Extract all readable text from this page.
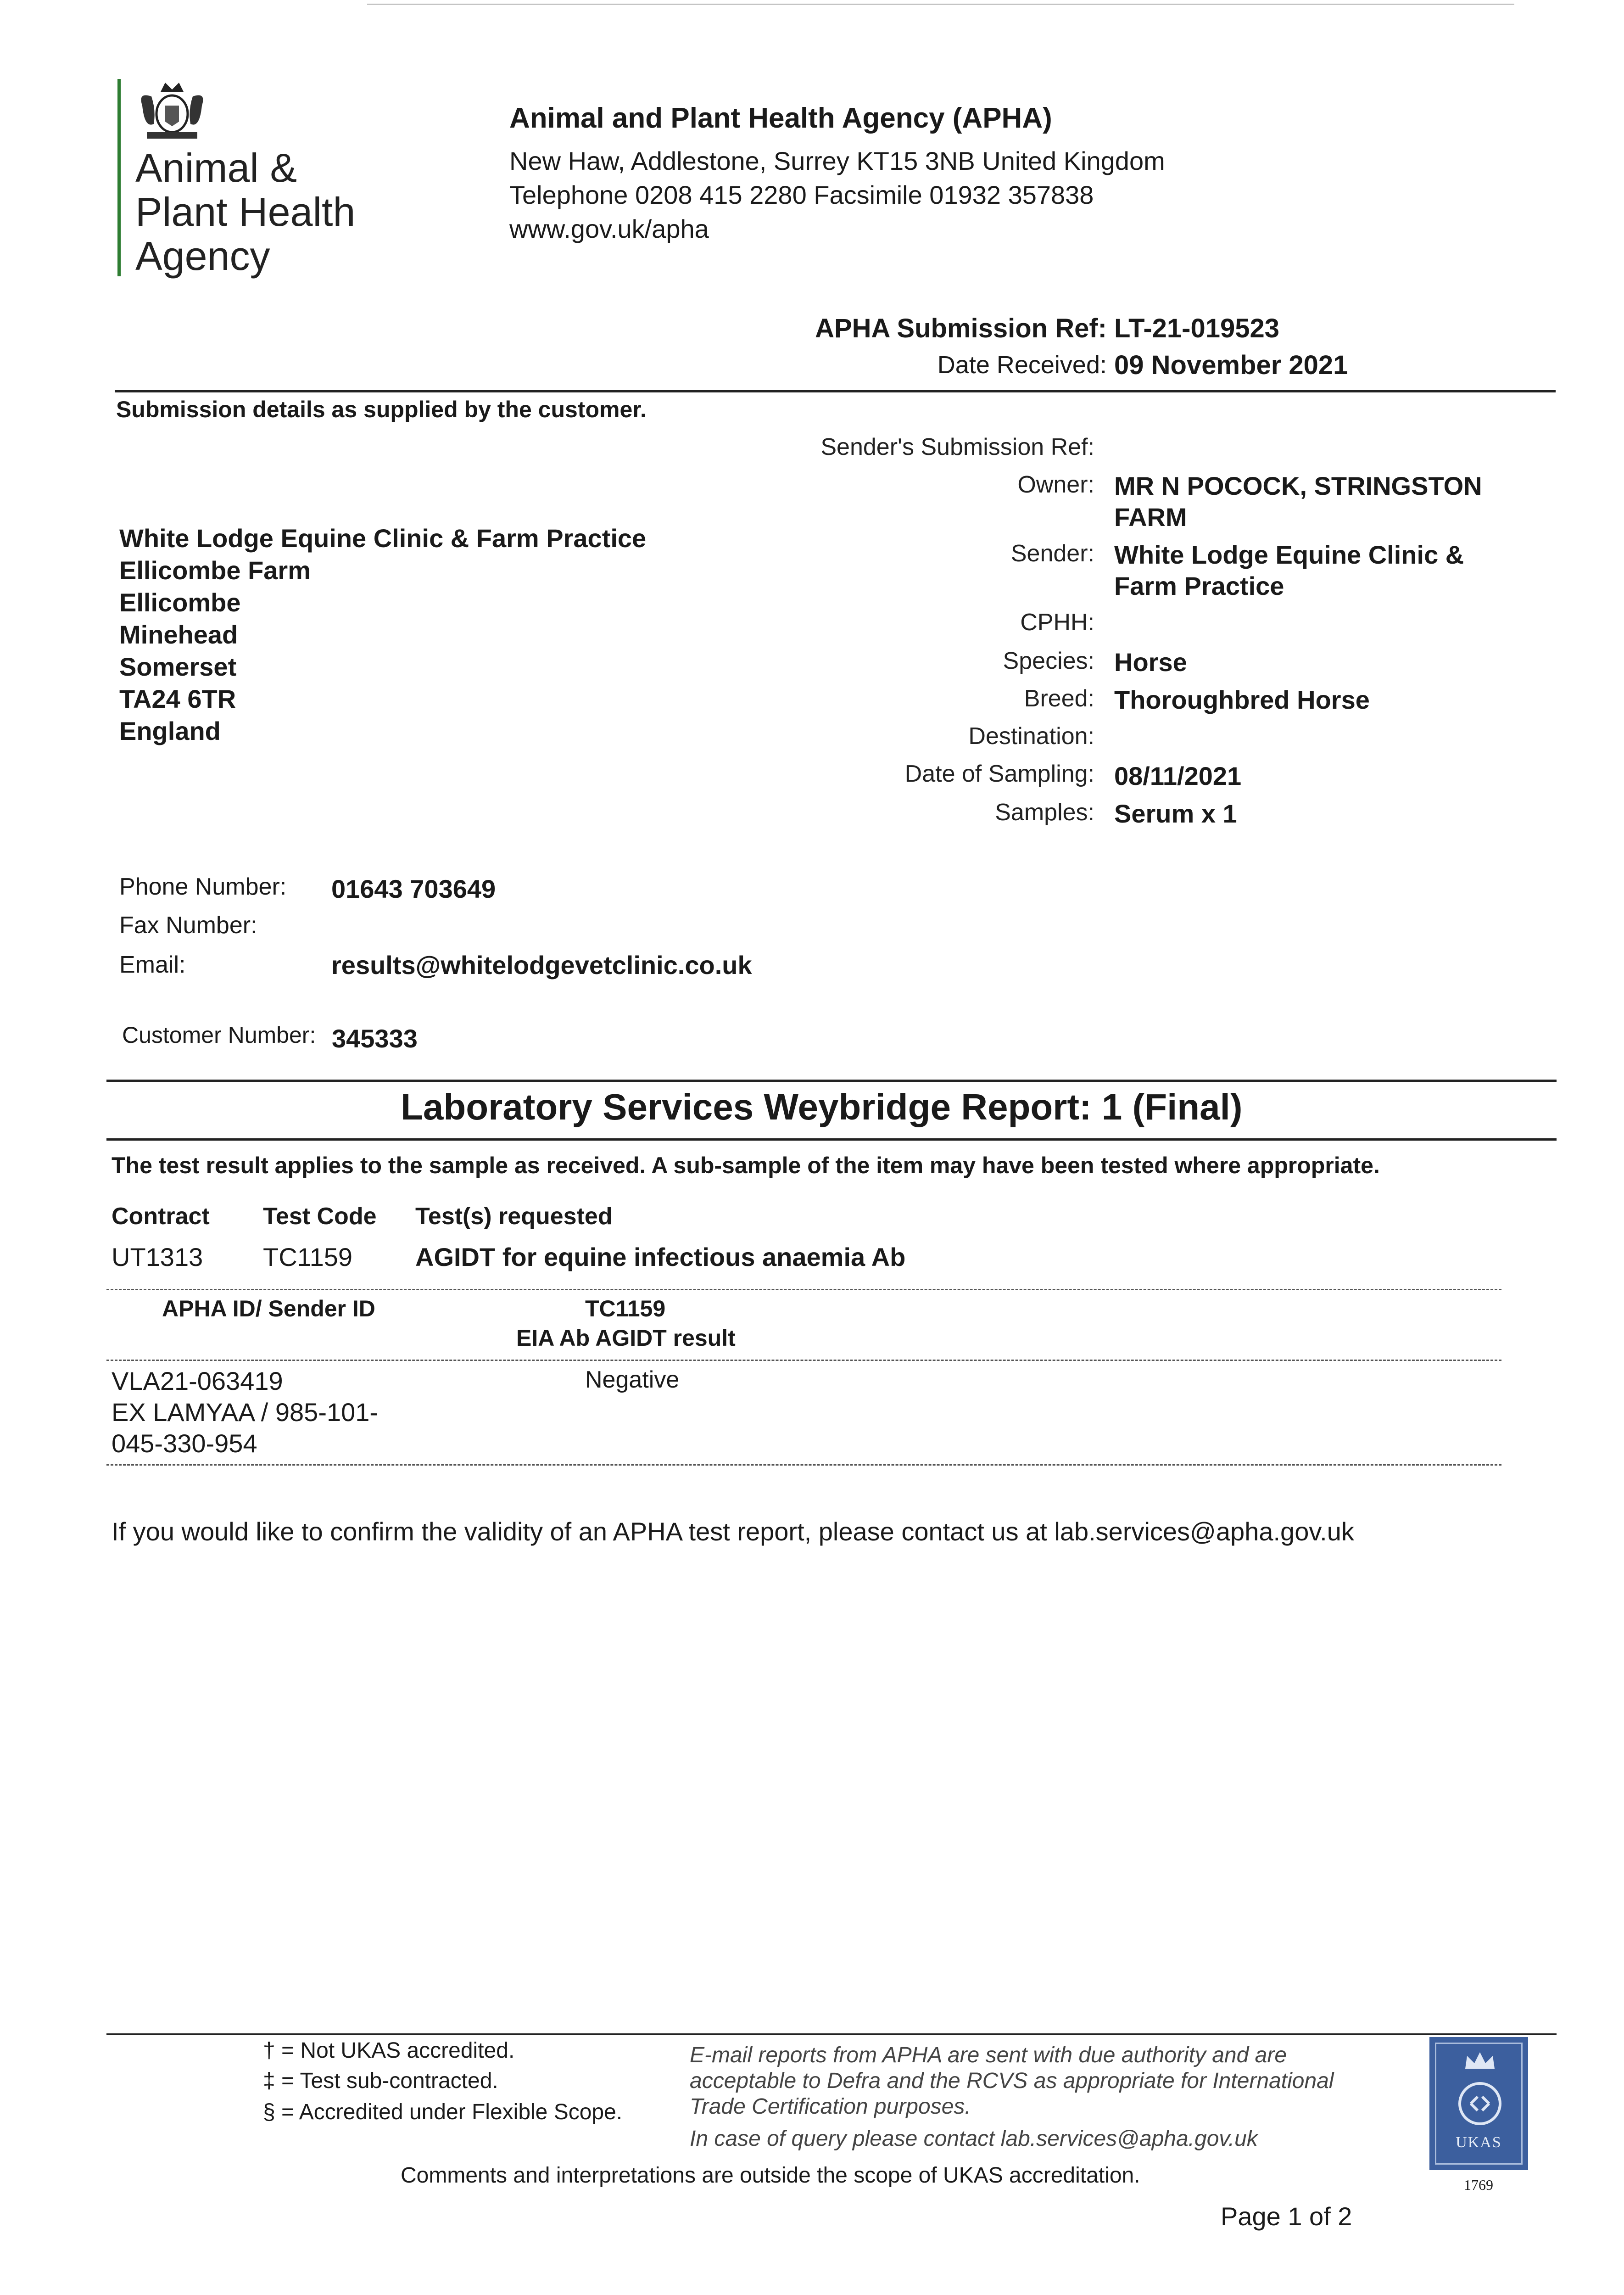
Animal &
Plant Health
Agency
Animal and Plant Health Agency (APHA)
New Haw, Addlestone, Surrey KT15 3NB United Kingdom
Telephone 0208 415 2280 Facsimile 01932 357838
www.gov.uk/apha
APHA Submission Ref: LT-21-019523
Date Received: 09 November 2021
Submission details as supplied by the customer.
White Lodge Equine Clinic & Farm Practice
Ellicombe Farm
Ellicombe
Minehead
Somerset
TA24 6TR
England
Sender's Submission Ref:
Owner: MR N POCOCK, STRINGSTON
FARM
Sender: White Lodge Equine Clinic &
Farm Practice
CPHH:
Species: Horse
Breed: Thoroughbred Horse
Destination:
Date of Sampling: 08/11/2021
Samples: Serum x 1
Phone Number: 01643 703649
Fax Number:
Email:	results@whitelodgevetclinic.co.uk
Customer Number: 345333
Laboratory Services Weybridge Report: 1 (Final)
The test result applies to the sample as received. A sub-sample of the item may have been tested where appropriate.
Contract Test Code Test(s) requested
UT1313 TC1159 AGIDT for equine infectious anaemia Ab
APHA ID/ Sender ID	TC1159
EIA Ab AGIDT result
VLA21-063419
EX LAMYAA / 985-101-
045-330-954
Negative
If you would like to confirm the validity of an APHA test report, please contact us at lab.services@apha.gov.uk
† = Not UKAS accredited.
‡ = Test sub-contracted.
§ = Accredited under Flexible Scope.
E-mail reports from APHA are sent with due authority and are
acceptable to Defra and the RCVS as appropriate for International
Trade Certification purposes.
In case of query please contact lab.services@apha.gov.uk
Comments and interpretations are outside the scope of UKAS accreditation.
Page 1 of 2
UKAS
1769
